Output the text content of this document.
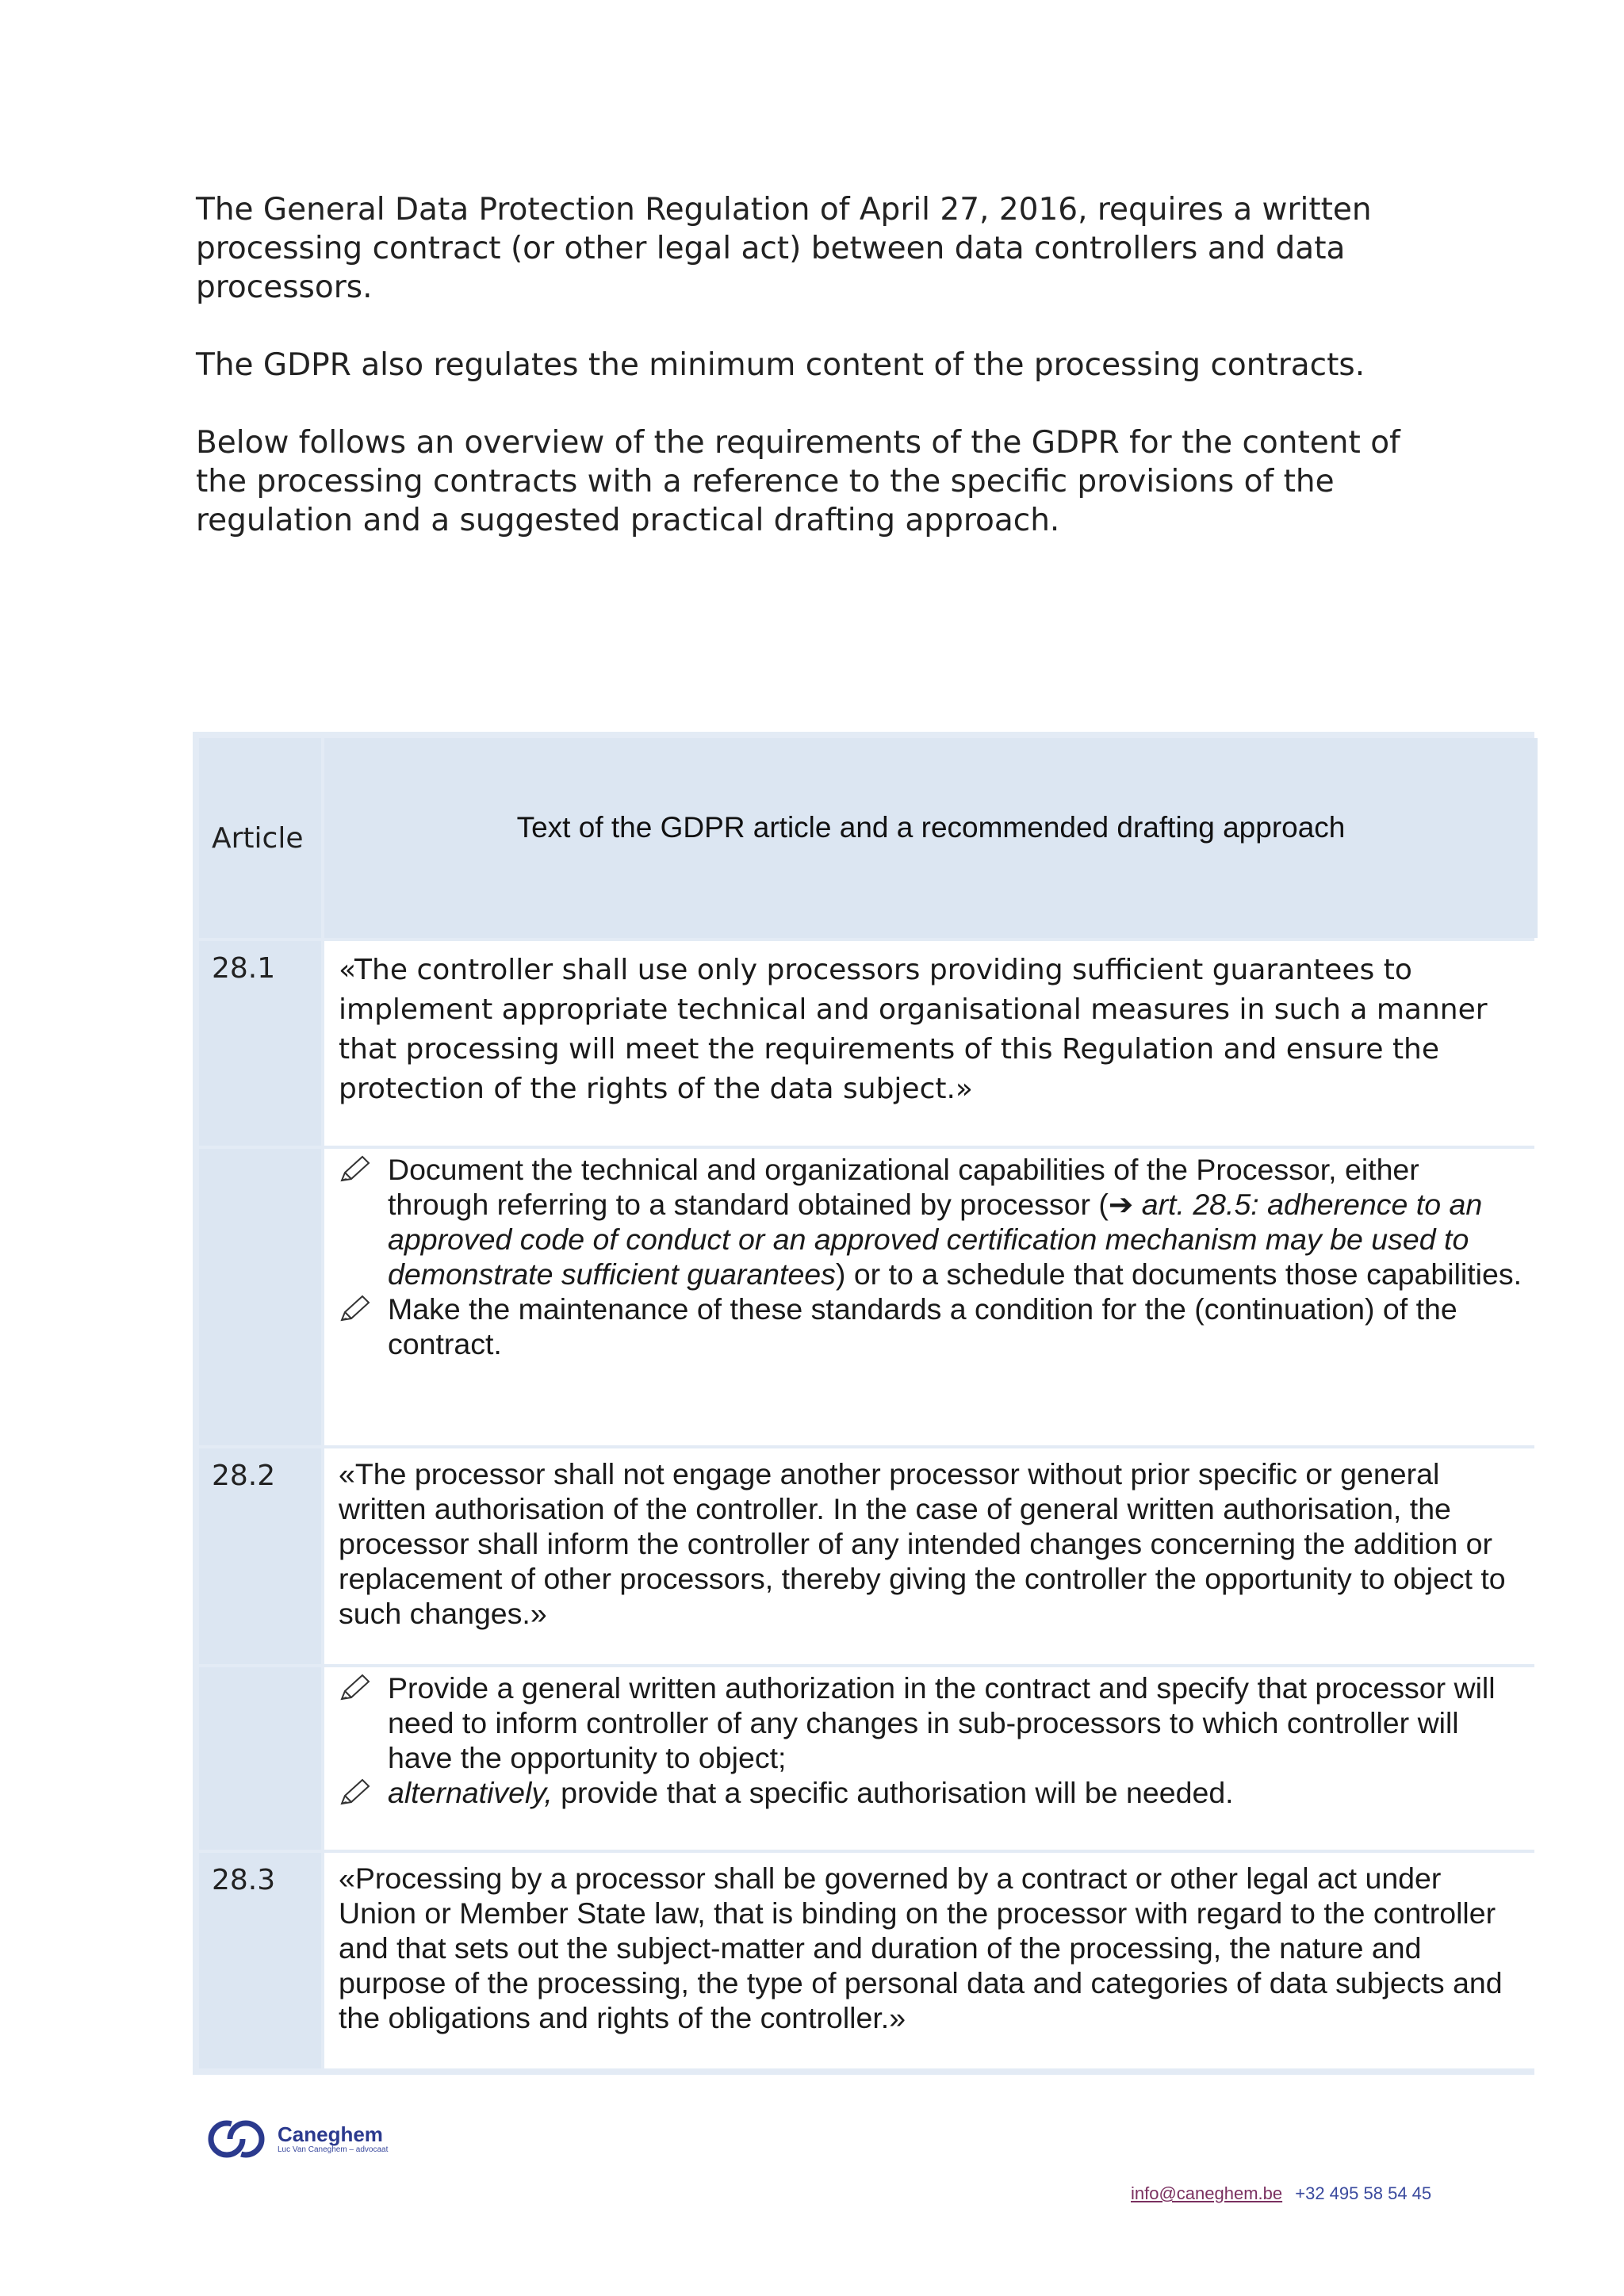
The General Data Protection Regulation of April 27, 2016, requires a written processing contract (or other legal act) between data controllers and data processors.

The GDPR also regulates the minimum content of the processing contracts.

Below follows an overview of the requirements of the GDPR for the content of the processing contracts with a reference to the specific provisions of the regulation and a suggested practical drafting approach.

Article	Text of the GDPR article and a recommended drafting approach
28.1	«The controller shall use only processors providing sufficient guarantees to implement appropriate technical and organisational measures in such a manner that processing will meet the requirements of this Regulation and ensure the protection of the rights of the data subject.»
Document the technical and organizational capabilities of the Processor, either through referring to a standard obtained by processor (➔ art. 28.5: adherence to an approved code of conduct or an approved certification mechanism may be used to demonstrate sufficient guarantees) or to a schedule that documents those capabilities.
Make the maintenance of these standards a condition for the (continuation) of the contract.
28.2	«The processor shall not engage another processor without prior specific or general written authorisation of the controller. In the case of general written authorisation, the processor shall inform the controller of any intended changes concerning the addition or replacement of other processors, thereby giving the controller the opportunity to object to such changes.»
Provide a general written authorization in the contract and specify that processor will need to inform controller of any changes in sub-processors to which controller will have the opportunity to object;
alternatively, provide that a specific authorisation will be needed.
28.3	«Processing by a processor shall be governed by a contract or other legal act under Union or Member State law, that is binding on the processor with regard to the controller and that sets out the subject-matter and duration of the processing, the nature and purpose of the processing, the type of personal data and categories of data subjects and the obligations and rights of the controller.»
Caneghem
Luc Van Caneghem – advocaat
info@caneghem.be +32 495 58 54 45
